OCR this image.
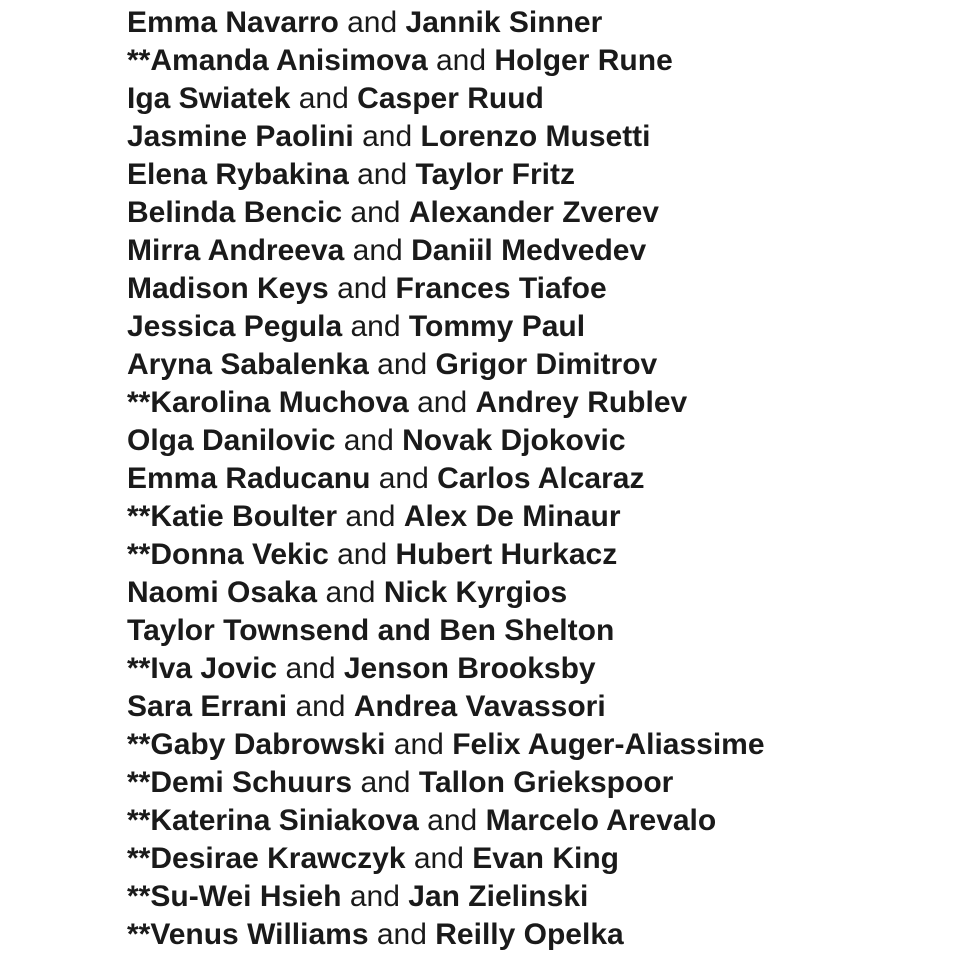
Emma Navarro and Jannik Sinner
**Amanda Anisimova and Holger Rune
Iga Swiatek and Casper Ruud
Jasmine Paolini and Lorenzo Musetti
Elena Rybakina and Taylor Fritz
Belinda Bencic and Alexander Zverev
Mirra Andreeva and Daniil Medvedev
Madison Keys and Frances Tiafoe
Jessica Pegula and Tommy Paul
Aryna Sabalenka and Grigor Dimitrov
**Karolina Muchova and Andrey Rublev
Olga Danilovic and Novak Djokovic
Emma Raducanu and Carlos Alcaraz
**Katie Boulter and Alex De Minaur
**Donna Vekic and Hubert Hurkacz
Naomi Osaka and Nick Kyrgios
Taylor Townsend and Ben Shelton
**Iva Jovic and Jenson Brooksby
Sara Errani and Andrea Vavassori
**Gaby Dabrowski and Felix Auger-Aliassime
**Demi Schuurs and Tallon Griekspoor
**Katerina Siniakova and Marcelo Arevalo
**Desirae Krawczyk and Evan King
**Su-Wei Hsieh and Jan Zielinski
**Venus Williams and Reilly Opelka
